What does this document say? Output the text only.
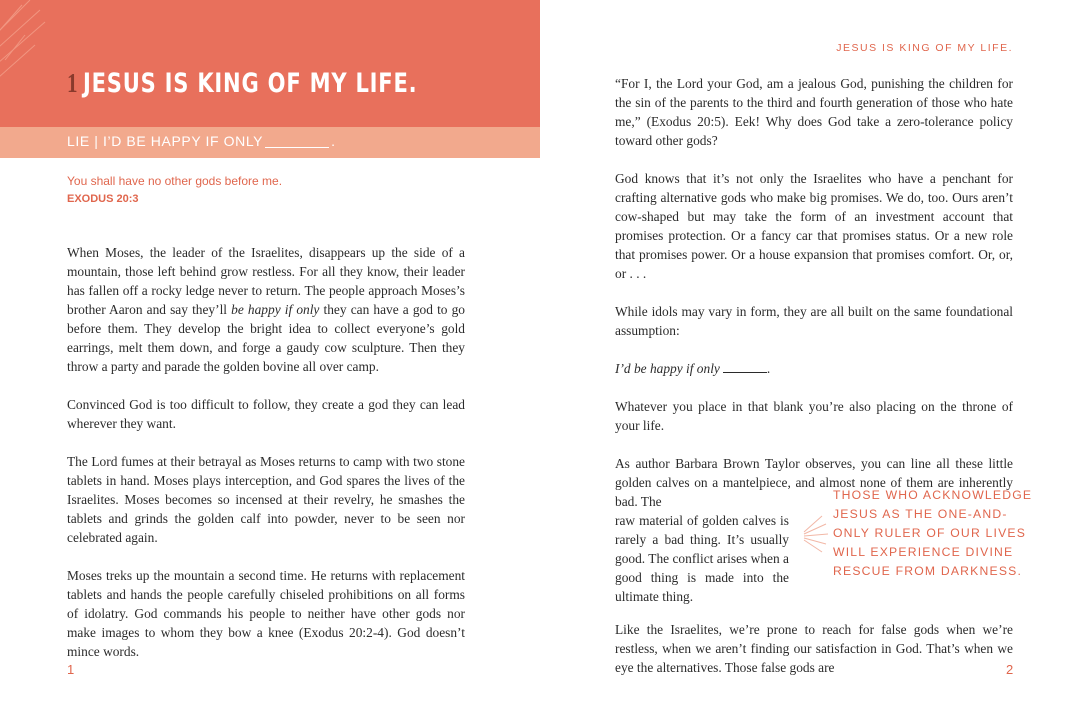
1 JESUS IS KING OF MY LIFE.
LIE | I’D BE HAPPY IF ONLY	.
You shall have no other gods before me.
EXODUS 20:3

When Moses, the leader of the Israelites, disappears up the side of a mountain, those left behind grow restless. For all they know, their leader has fallen off a rocky ledge never to return. The people approach Moses’s brother Aaron and say they’ll be happy if only they can have a god to go before them. They develop the bright idea to collect everyone’s gold earrings, melt them down, and forge a gaudy cow sculpture. Then they throw a party and parade the golden bovine all over camp.

Convinced God is too difficult to follow, they create a god they can lead wherever they want.

The Lord fumes at their betrayal as Moses returns to camp with two stone tablets in hand. Moses plays interception, and God spares the lives of the Israelites. Moses becomes so incensed at their revelry, he smashes the tablets and grinds the golden calf into powder, never to be seen nor celebrated again.

Moses treks up the mountain a second time. He returns with replacement tablets and hands the people carefully chiseled prohibitions on all forms of idolatry. God commands his people to neither have other gods nor make images to whom they bow a knee (Exodus 20:2-4). God doesn’t mince words.

1
JESUS IS KING OF MY LIFE.

“For I, the Lord your God, am a jealous God, punishing the children for the sin of the parents to the third and fourth generation of those who hate me,” (Exodus 20:5). Eek! Why does God take a zero-tolerance policy toward other gods?

God knows that it’s not only the Israelites who have a penchant for crafting alternative gods who make big promises. We do, too. Ours aren’t cow-shaped but may take the form of an investment account that promises protection. Or a fancy car that promises status. Or a new role that promises power. Or a house expansion that promises comfort. Or, or, or . . .

While idols may vary in form, they are all built on the same foundational assumption:

I’d be happy if only	.

Whatever you place in that blank you’re also placing on the throne of your life.

As author Barbara Brown Taylor observes, you can line all these little golden calves on a mantelpiece, and almost none of them are inherently bad. The

raw material of golden calves is rarely a bad thing. It’s usually good. The conflict arises when a good thing is made into the ultimate thing.

Like the Israelites, we’re prone to reach for false gods when we’re restless, when we aren’t finding our satisfaction in God. That’s when we eye the alternatives. Those false gods are

THOSE WHO ACKNOWLEDGE
JESUS AS THE ONE-AND-
ONLY RULER OF OUR LIVES
WILL EXPERIENCE DIVINE
RESCUE FROM DARKNESS.
2
